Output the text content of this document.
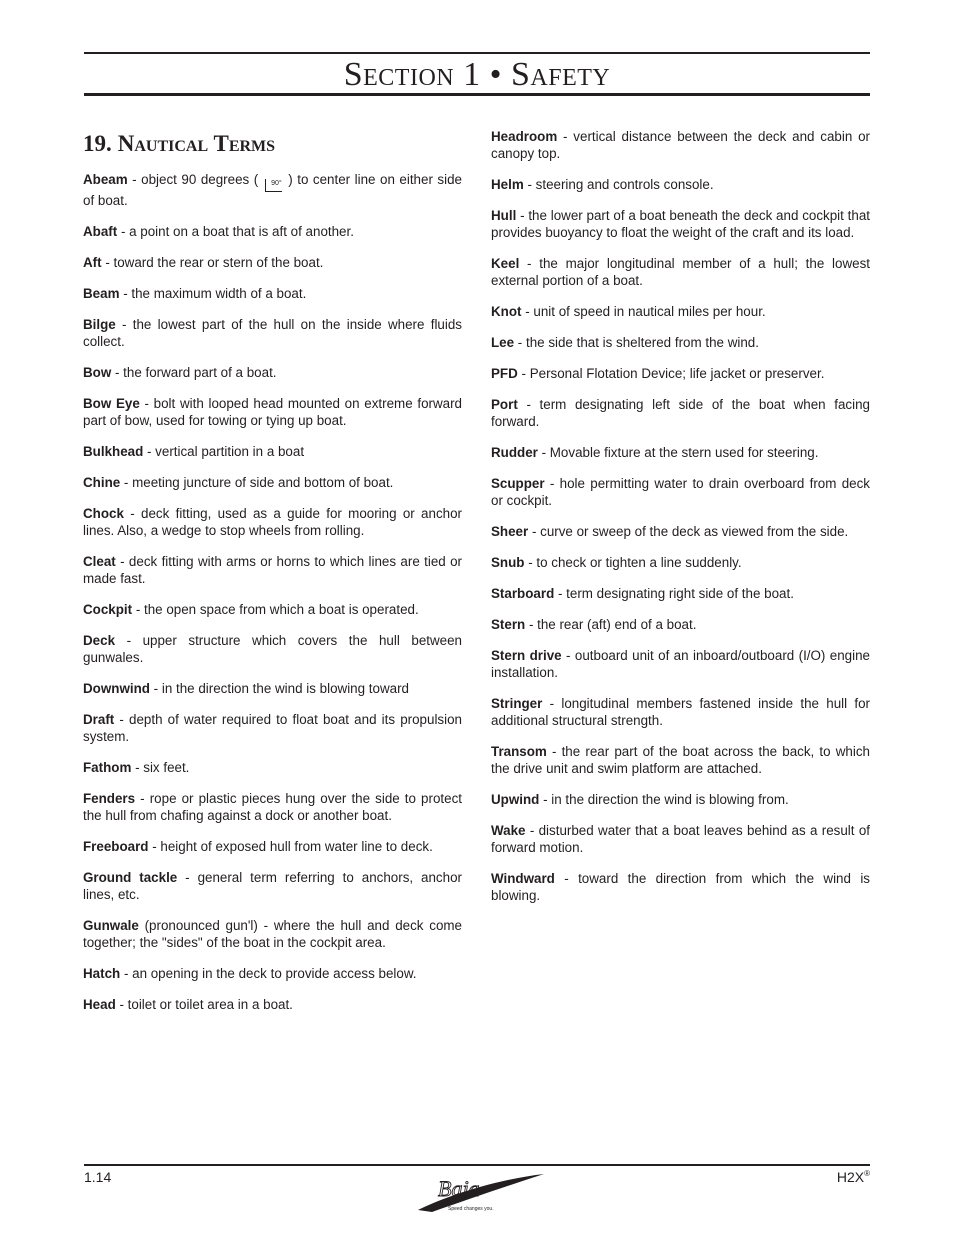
Section 1 • Safety
19. Nautical Terms

Abeam - object 90 degrees ( 90° ) to center line on either side of boat.

Abaft - a point on a boat that is aft of another.

Aft - toward the rear or stern of the boat.

Beam - the maximum width of a boat.

Bilge - the lowest part of the hull on the inside where fluids collect.

Bow - the forward part of a boat.

Bow Eye - bolt with looped head mounted on extreme forward part of bow, used for towing or tying up boat.

Bulkhead - vertical partition in a boat

Chine - meeting juncture of side and bottom of boat.

Chock - deck fitting, used as a guide for mooring or anchor lines. Also, a wedge to stop wheels from rolling.

Cleat - deck fitting with arms or horns to which lines are tied or made fast.

Cockpit - the open space from which a boat is operated.

Deck - upper structure which covers the hull between gunwales.

Downwind - in the direction the wind is blowing toward

Draft - depth of water required to float boat and its propulsion system.

Fathom - six feet.

Fenders - rope or plastic pieces hung over the side to protect the hull from chafing against a dock or another boat.

Freeboard - height of exposed hull from water line to deck.

Ground tackle - general term referring to anchors, anchor lines, etc.

Gunwale (pronounced gun'l) - where the hull and deck come together; the "sides" of the boat in the cockpit area.

Hatch - an opening in the deck to provide access below.

Head - toilet or toilet area in a boat.

Headroom - vertical distance between the deck and cabin or canopy top.

Helm - steering and controls console.

Hull - the lower part of a boat beneath the deck and cockpit that provides buoyancy to float the weight of the craft and its load.

Keel - the major longitudinal member of a hull; the lowest external portion of a boat.

Knot - unit of speed in nautical miles per hour.

Lee - the side that is sheltered from the wind.

PFD - Personal Flotation Device; life jacket or preserver.

Port - term designating left side of the boat when facing forward.

Rudder - Movable fixture at the stern used for steering.

Scupper - hole permitting water to drain overboard from deck or cockpit.

Sheer - curve or sweep of the deck as viewed from the side.

Snub - to check or tighten a line suddenly.

Starboard - term designating right side of the boat.

Stern - the rear (aft) end of a boat.

Stern drive - outboard unit of an inboard/outboard (I/O) engine installation.

Stringer - longitudinal members fastened inside the hull for additional structural strength.

Transom - the rear part of the boat across the back, to which the drive unit and swim platform are attached.

Upwind - in the direction the wind is blowing from.

Wake - disturbed water that a boat leaves behind as a result of forward motion.

Windward - toward the direction from which the wind is blowing.

1.14	Baja
Speed changes you.
H2X®
